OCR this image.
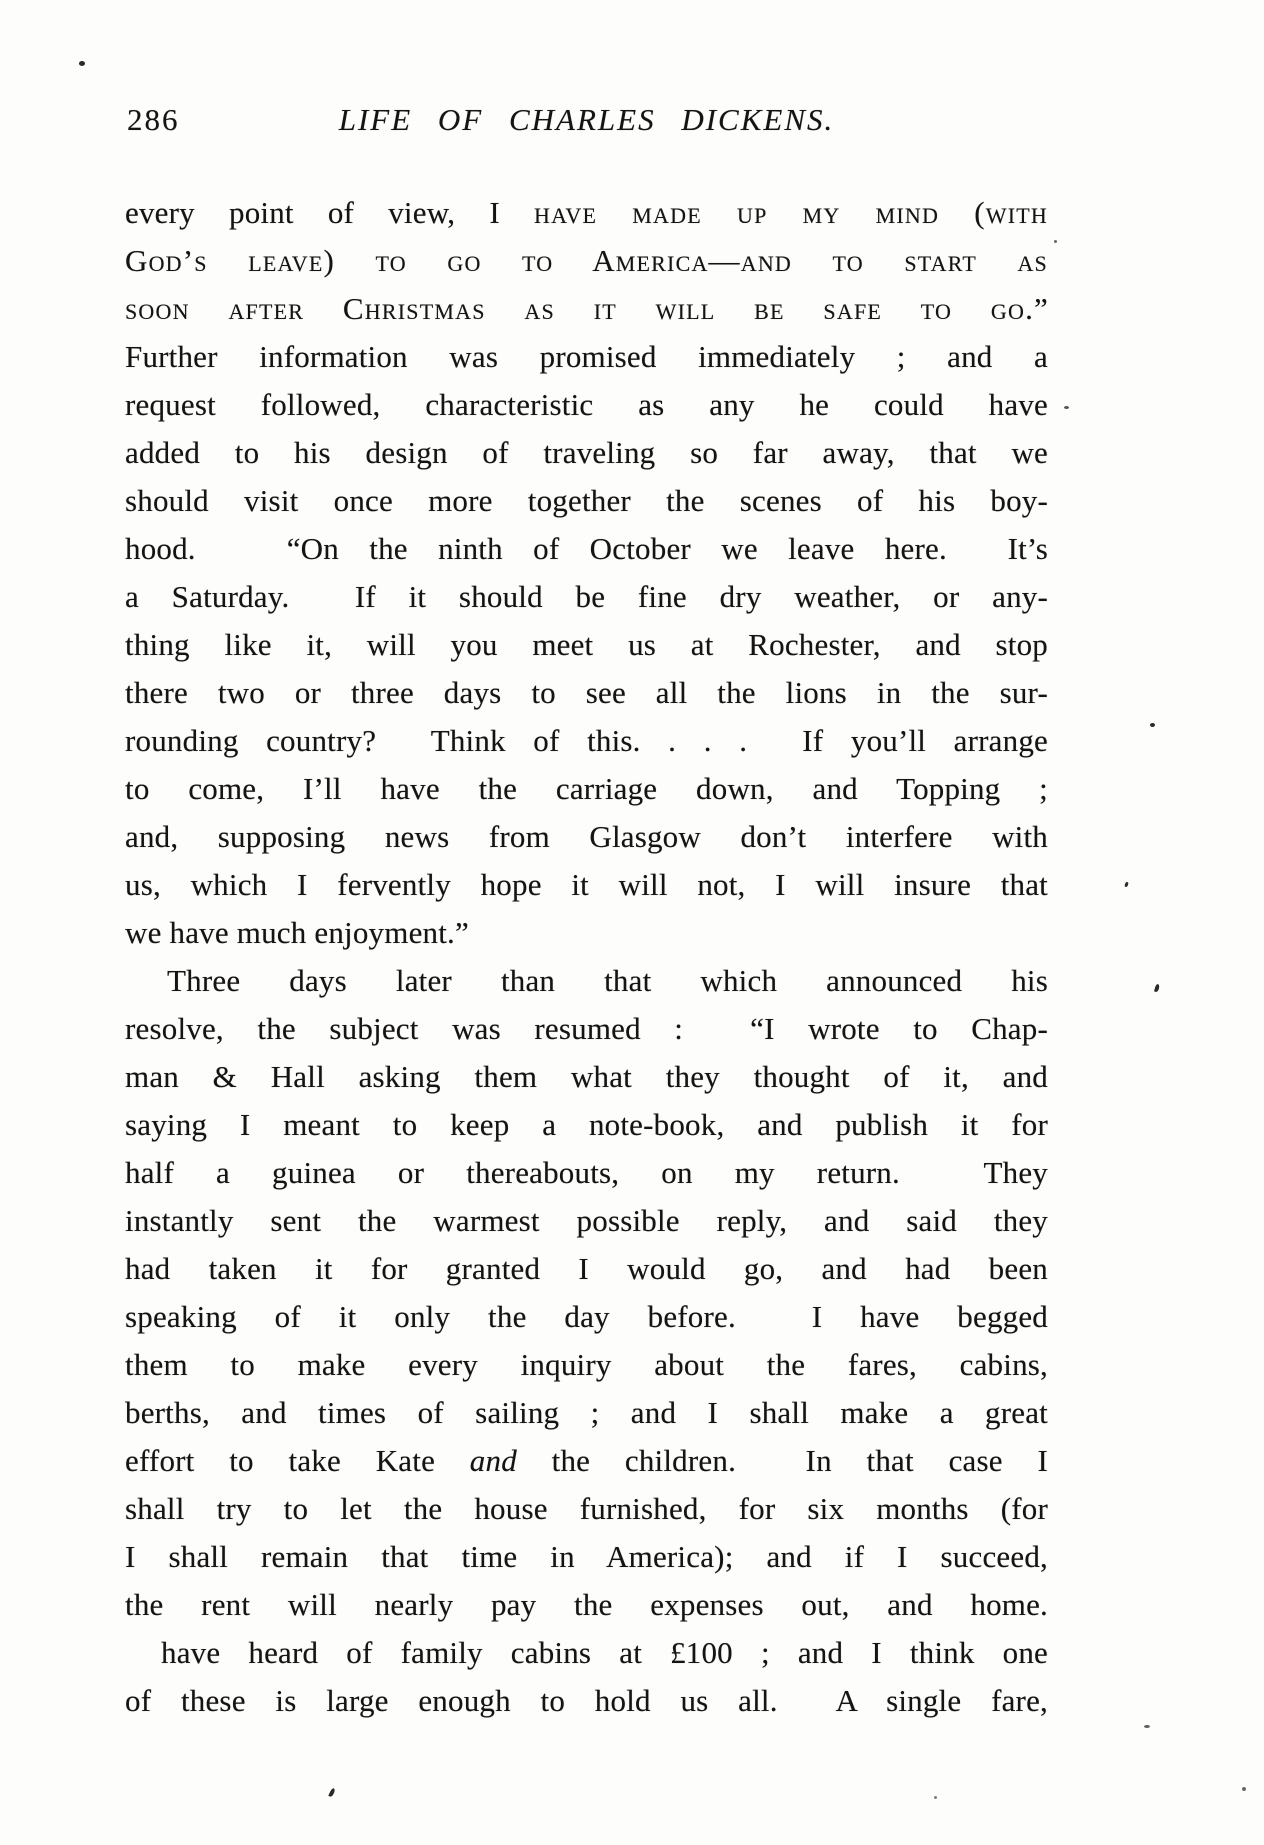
286	LIFE OF CHARLES DICKENS.
every point of view, I have made up my mind (with
God’s leave) to go to America—and to start as
soon after Christmas as it will be safe to go.”
Further information was promised immediately ; and a
request followed, characteristic as any he could have
added to his design of traveling so far away, that we
should visit once more together the scenes of his boy-
hood.   “On the ninth of October we leave here.  It’s
a Saturday.  If it should be fine dry weather, or any-
thing like it, will you meet us at Rochester, and stop
there two or three days to see all the lions in the sur-
rounding country?  Think of this. . . .  If you’ll arrange
to come, I’ll have the carriage down, and Topping ;
and, supposing news from Glasgow don’t interfere with
us, which I fervently hope it will not, I will insure that
we have much enjoyment.”
Three days later than that which announced his
resolve, the subject was resumed :  “I wrote to Chap-
man & Hall asking them what they thought of it, and
saying I meant to keep a note-book, and publish it for
half a guinea or thereabouts, on my return.  They
instantly sent the warmest possible reply, and said they
had taken it for granted I would go, and had been
speaking of it only the day before.  I have begged
them to make every inquiry about the fares, cabins,
berths, and times of sailing ; and I shall make a great
effort to take Kate and the children.  In that case I
shall try to let the house furnished, for six months (for
I shall remain that time in America); and if I succeed,
the rent will nearly pay the expenses out, and home.
have heard of family cabins at £100 ; and I think one
of these is large enough to hold us all.  A single fare,
